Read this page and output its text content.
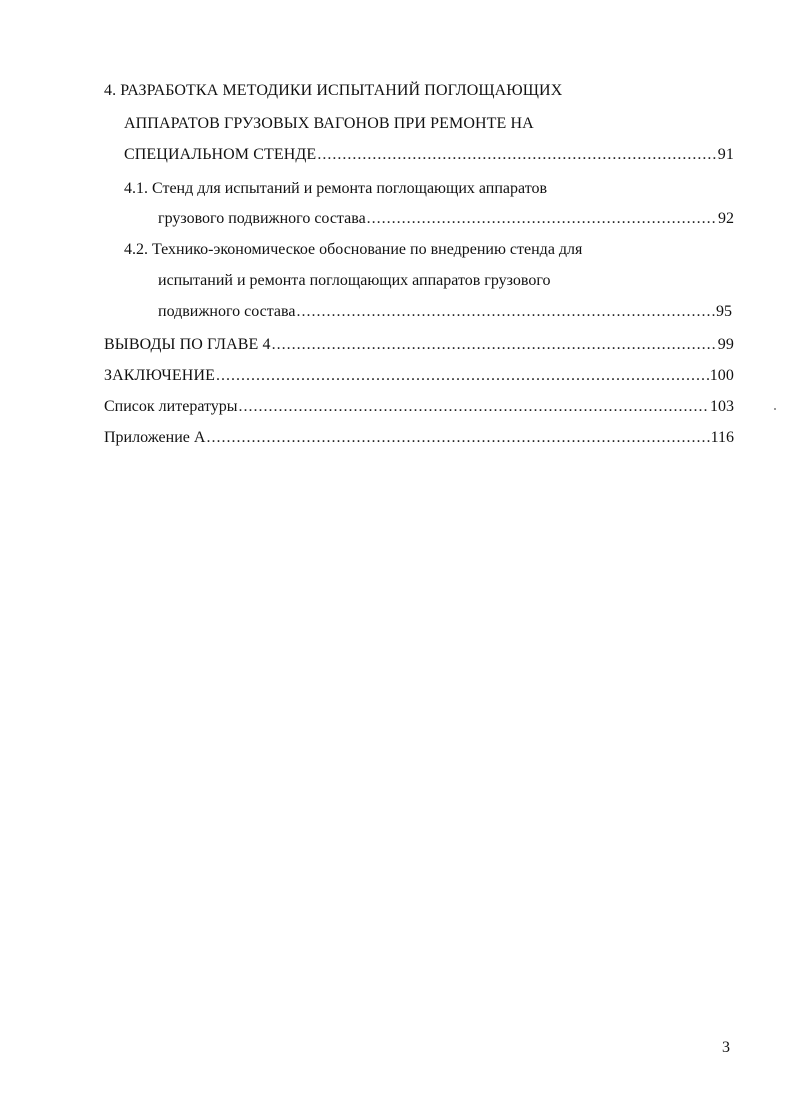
4. РАЗРАБОТКА МЕТОДИКИ ИСПЫТАНИЙ ПОГЛОЩАЮЩИХ
АППАРАТОВ ГРУЗОВЫХ ВАГОНОВ ПРИ РЕМОНТЕ НА
СПЕЦИАЛЬНОМ СТЕНДЕ .....	91
4.1. Стенд для испытаний и ремонта поглощающих аппаратов
грузового подвижного состава .....	92
4.2. Технико-экономическое обоснование по внедрению стенда для
испытаний и ремонта поглощающих аппаратов грузового
подвижного состава .....	95
ВЫВОДЫ ПО ГЛАВЕ 4 .....	99
ЗАКЛЮЧЕНИЕ .....	100
Список литературы .....	103
Приложение А .....	116
3
